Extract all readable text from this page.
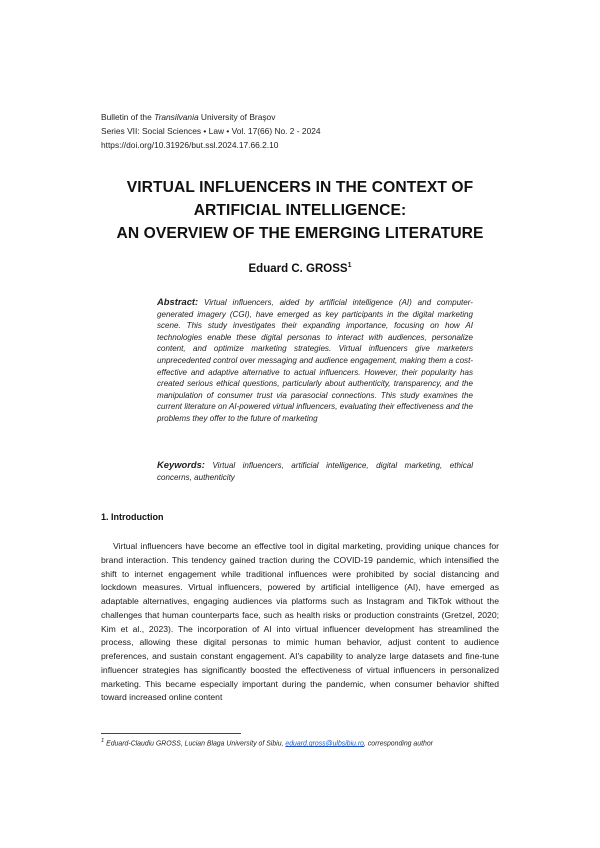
Bulletin of the Transilvania University of Braşov
Series VII: Social Sciences • Law • Vol. 17(66) No. 2 - 2024
https://doi.org/10.31926/but.ssl.2024.17.66.2.10
VIRTUAL INFLUENCERS IN THE CONTEXT OF
ARTIFICIAL INTELLIGENCE:
AN OVERVIEW OF THE EMERGING LITERATURE
Eduard C. GROSS$^1$
Abstract: Virtual influencers, aided by artificial intelligence (AI) and computer-generated imagery (CGI), have emerged as key participants in the digital marketing scene. This study investigates their expanding importance, focusing on how AI technologies enable these digital personas to interact with audiences, personalize content, and optimize marketing strategies. Virtual influencers give marketers unprecedented control over messaging and audience engagement, making them a cost-effective and adaptive alternative to actual influencers. However, their popularity has created serious ethical questions, particularly about authenticity, transparency, and the manipulation of consumer trust via parasocial connections. This study examines the current literature on AI-powered virtual influencers, evaluating their effectiveness and the problems they offer to the future of marketing
Keywords: Virtual influencers, artificial intelligence, digital marketing, ethical concerns, authenticity
1. Introduction

Virtual influencers have become an effective tool in digital marketing, providing unique chances for brand interaction. This tendency gained traction during the COVID-19 pandemic, which intensified the shift to internet engagement while traditional influences were prohibited by social distancing and lockdown measures. Virtual influencers, powered by artificial intelligence (AI), have emerged as adaptable alternatives, engaging audiences via platforms such as Instagram and TikTok without the challenges that human counterparts face, such as health risks or production constraints (Gretzel, 2020; Kim et al., 2023). The incorporation of AI into virtual influencer development has streamlined the process, allowing these digital personas to mimic human behavior, adjust content to audience preferences, and sustain constant engagement. AI's capability to analyze large datasets and fine-tune influencer strategies has significantly boosted the effectiveness of virtual influencers in personalized marketing. This became especially important during the pandemic, when consumer behavior shifted toward increased online content

$^1$ Eduard-Claudiu GROSS, Lucian Blaga University of Sibiu, eduard.gross@ulbsibiu.ro, corresponding author
